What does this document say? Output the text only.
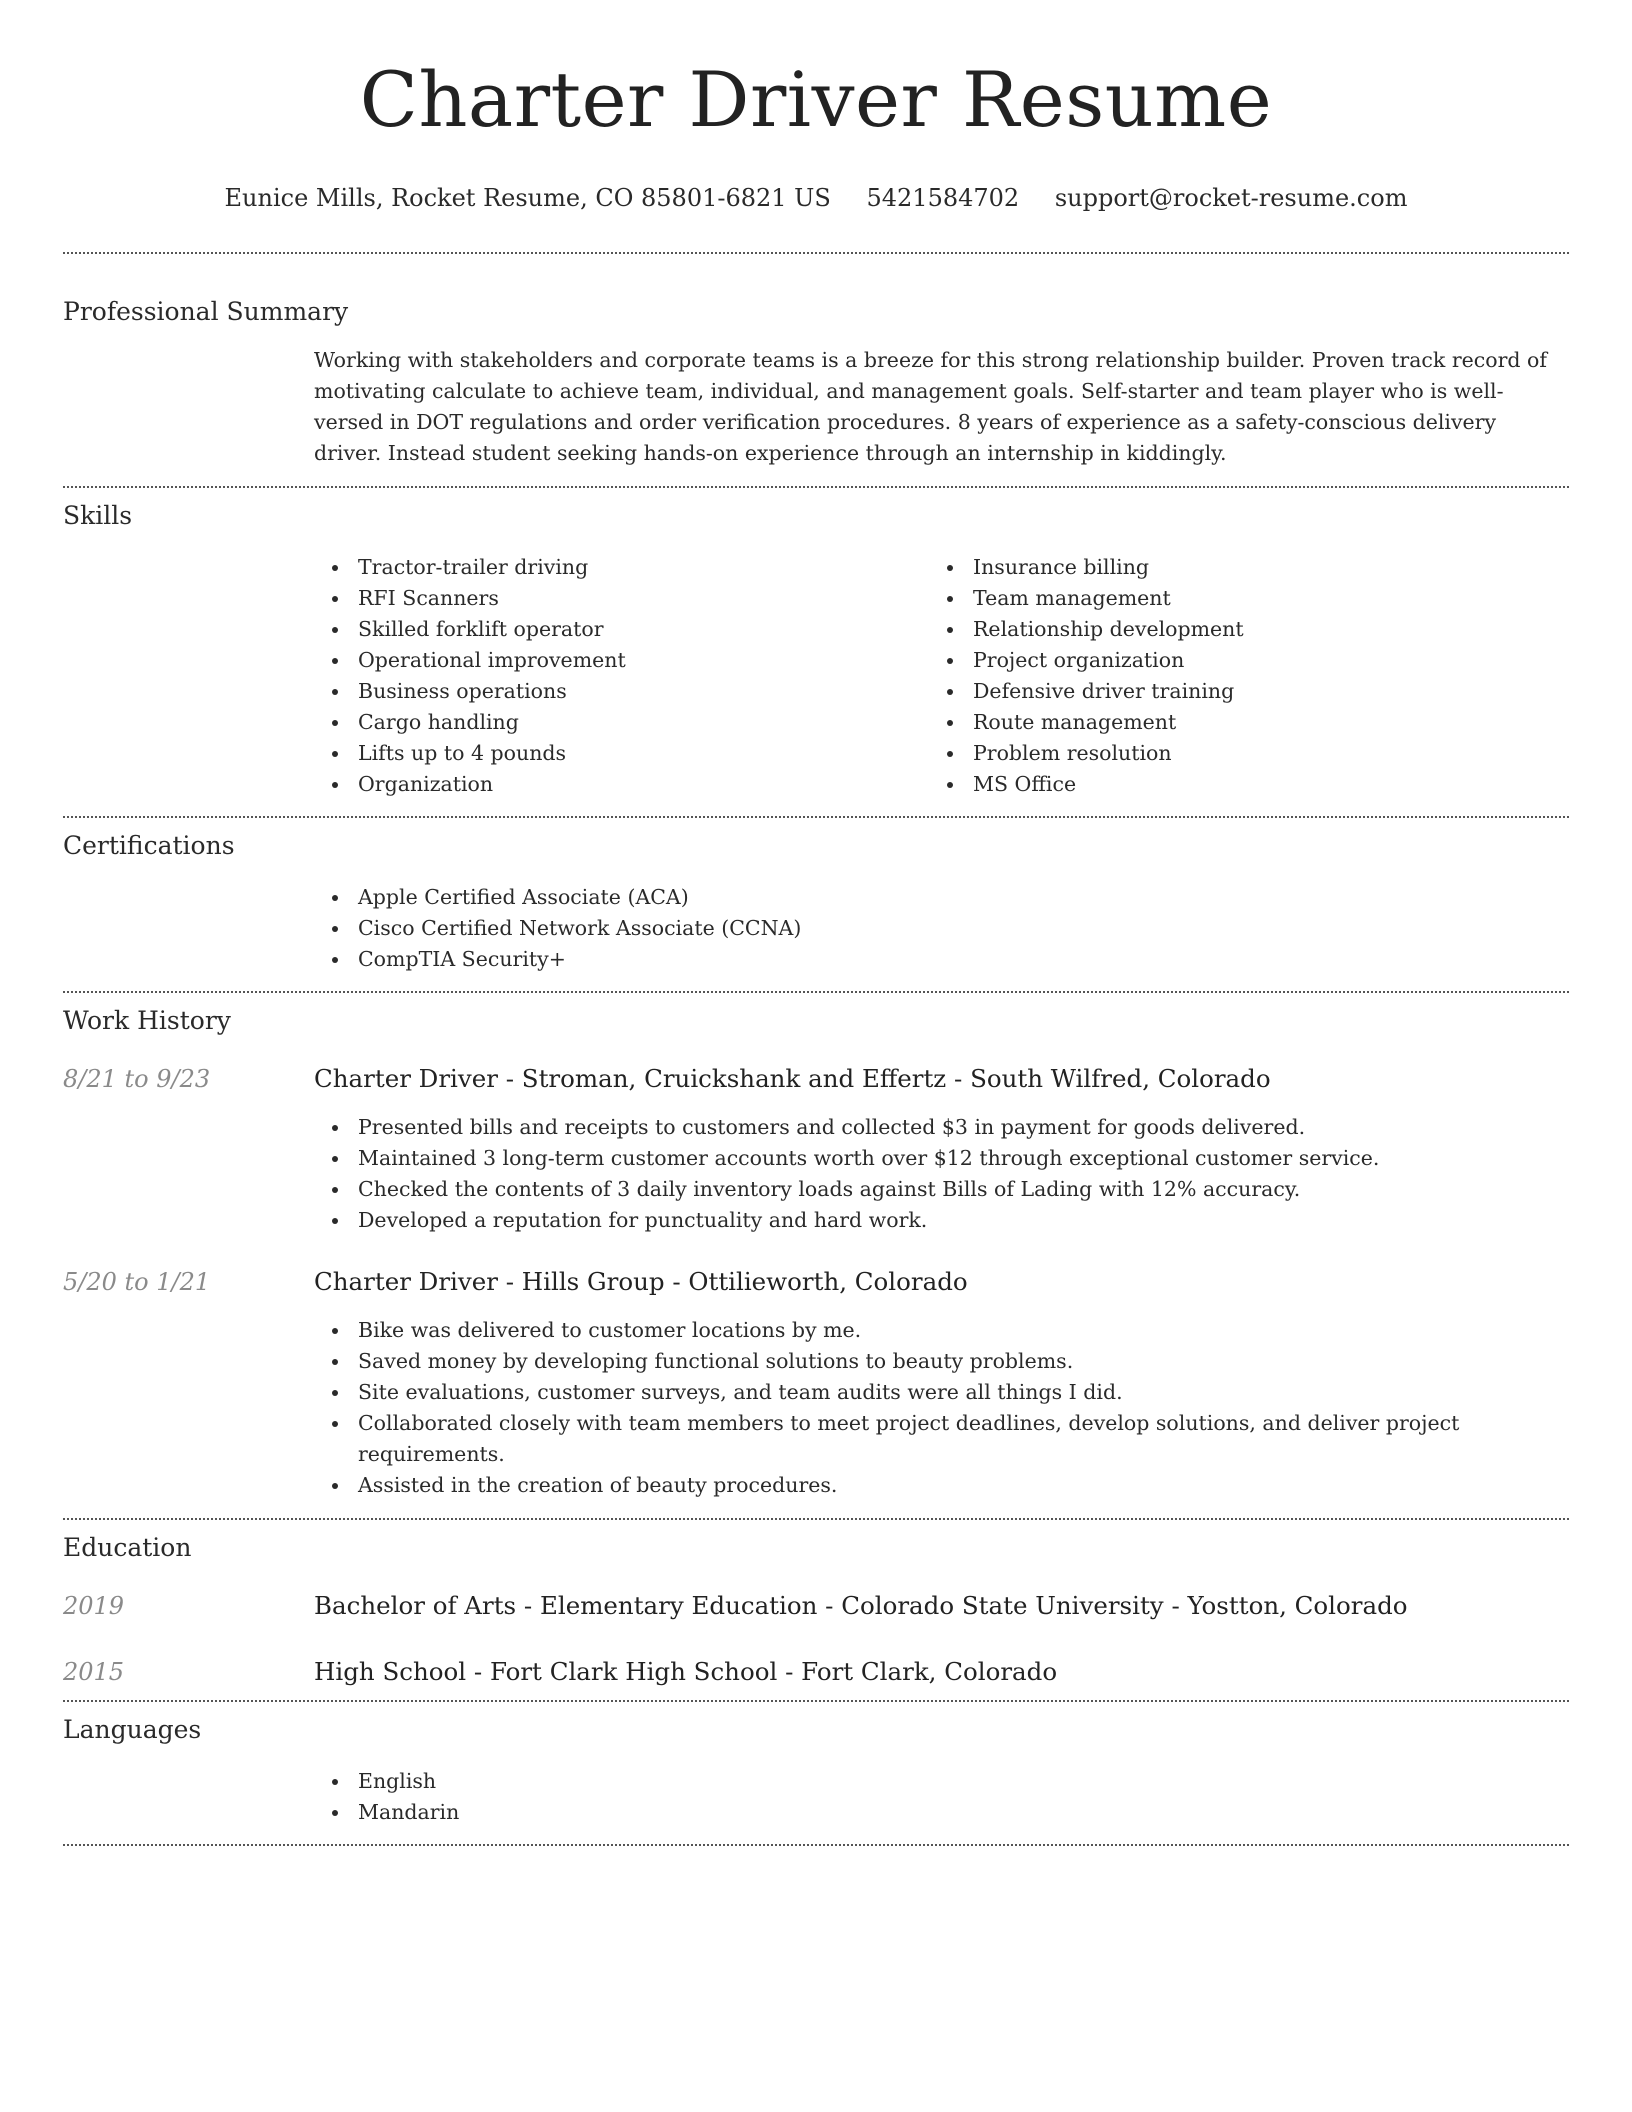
Charter Driver Resume
Eunice Mills, Rocket Resume, CO 85801-6821 US 5421584702 support@rocket-resume.com
Professional Summary
Working with stakeholders and corporate teams is a breeze for this strong relationship builder. Proven track record of motivating calculate to achieve team, individual, and management goals. Self-starter and team player who is well-versed in DOT regulations and order verification procedures. 8 years of experience as a safety-conscious delivery driver. Instead student seeking hands-on experience through an internship in kiddingly.
Skills
Tractor-trailer driving
RFI Scanners
Skilled forklift operator
Operational improvement
Business operations
Cargo handling
Lifts up to 4 pounds
Organization
Insurance billing
Team management
Relationship development
Project organization
Defensive driver training
Route management
Problem resolution
MS Office
Certifications
Apple Certified Associate (ACA)
Cisco Certified Network Associate (CCNA)
CompTIA Security+
Work History
8/21 to 9/23	Charter Driver - Stroman, Cruickshank and Effertz - South Wilfred, Colorado
Presented bills and receipts to customers and collected $3 in payment for goods delivered.
Maintained 3 long-term customer accounts worth over $12 through exceptional customer service.
Checked the contents of 3 daily inventory loads against Bills of Lading with 12% accuracy.
Developed a reputation for punctuality and hard work.
5/20 to 1/21	Charter Driver - Hills Group - Ottilieworth, Colorado
Bike was delivered to customer locations by me.
Saved money by developing functional solutions to beauty problems.
Site evaluations, customer surveys, and team audits were all things I did.
Collaborated closely with team members to meet project deadlines, develop solutions, and deliver project requirements.
Assisted in the creation of beauty procedures.
Education
2019	Bachelor of Arts - Elementary Education - Colorado State University - Yostton, Colorado
2015	High School - Fort Clark High School - Fort Clark, Colorado
Languages
English
Mandarin
